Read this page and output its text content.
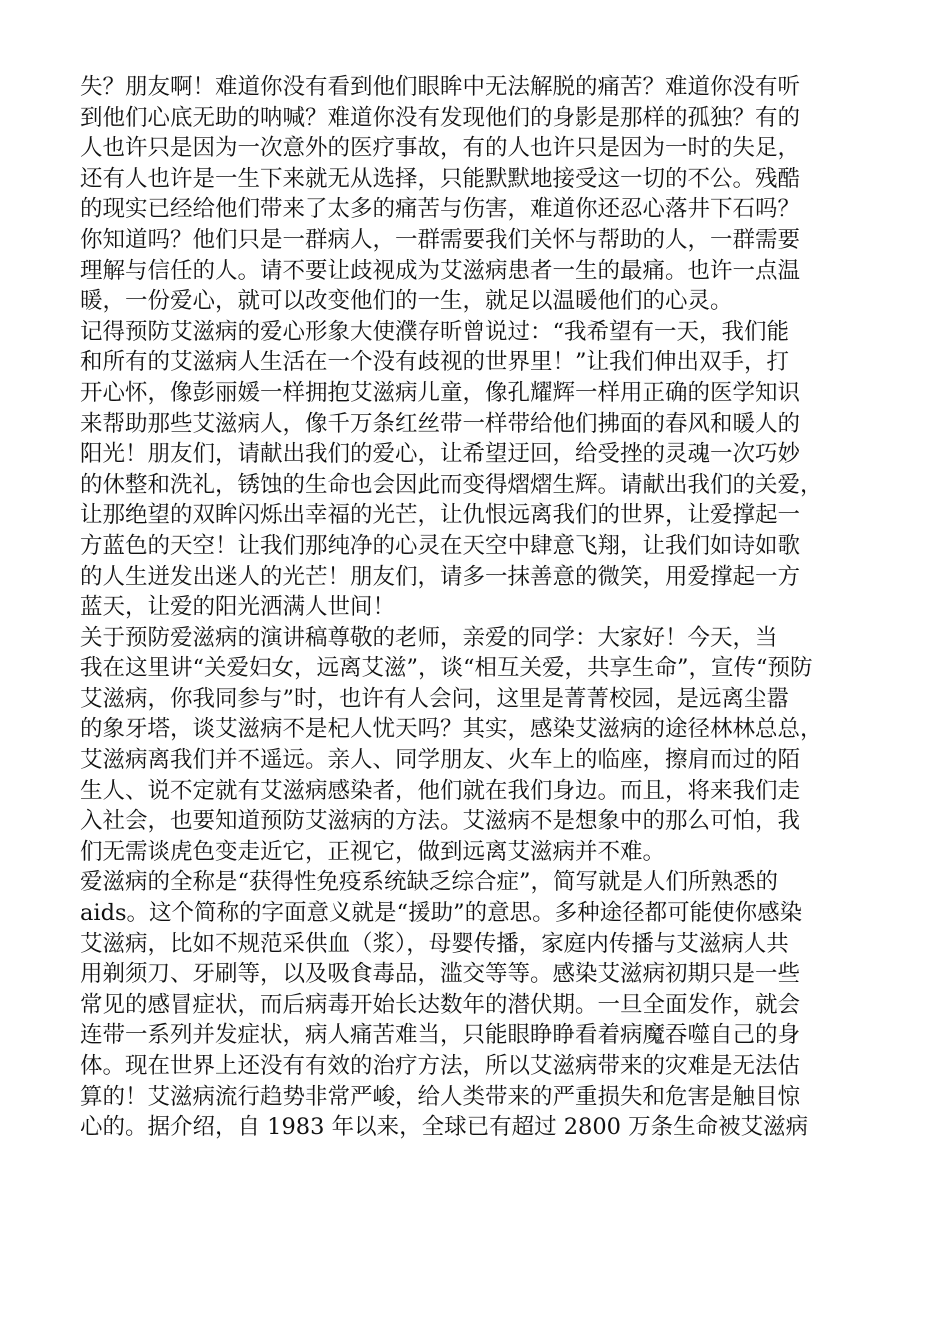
失？朋友啊！难道你没有看到他们眼眸中无法解脱的痛苦？难道你没有听
到他们心底无助的呐喊？难道你没有发现他们的身影是那样的孤独？有的
人也许只是因为一次意外的医疗事故，有的人也许只是因为一时的失足，
还有人也许是一生下来就无从选择，只能默默地接受这一切的不公。残酷
的现实已经给他们带来了太多的痛苦与伤害，难道你还忍心落井下石吗？
你知道吗？他们只是一群病人，一群需要我们关怀与帮助的人，一群需要
理解与信任的人。请不要让歧视成为艾滋病患者一生的最痛。也许一点温
暖，一份爱心，就可以改变他们的一生，就足以温暖他们的心灵。
记得预防艾滋病的爱心形象大使濮存昕曾说过：“我希望有一天，我们能
和所有的艾滋病人生活在一个没有歧视的世界里！”让我们伸出双手，打
开心怀，像彭丽媛一样拥抱艾滋病儿童，像孔耀辉一样用正确的医学知识
来帮助那些艾滋病人，像千万条红丝带一样带给他们拂面的春风和暖人的
阳光！朋友们，请献出我们的爱心，让希望迂回，给受挫的灵魂一次巧妙
的休整和洗礼，锈蚀的生命也会因此而变得熠熠生辉。请献出我们的关爱，
让那绝望的双眸闪烁出幸福的光芒，让仇恨远离我们的世界，让爱撑起一
方蓝色的天空！让我们那纯净的心灵在天空中肆意飞翔，让我们如诗如歌
的人生迸发出迷人的光芒！朋友们，请多一抹善意的微笑，用爱撑起一方
蓝天，让爱的阳光洒满人世间！
关于预防爱滋病的演讲稿尊敬的老师，亲爱的同学：大家好！今天，当
我在这里讲“关爱妇女，远离艾滋”，谈“相互关爱，共享生命”，宣传“预防
艾滋病，你我同参与”时，也许有人会问，这里是菁菁校园，是远离尘嚣
的象牙塔，谈艾滋病不是杞人忧天吗？其实，感染艾滋病的途径林林总总，
艾滋病离我们并不遥远。亲人、同学朋友、火车上的临座，擦肩而过的陌
生人、说不定就有艾滋病感染者，他们就在我们身边。而且，将来我们走
入社会，也要知道预防艾滋病的方法。艾滋病不是想象中的那么可怕，我
们无需谈虎色变走近它，正视它，做到远离艾滋病并不难。
爱滋病的全称是“获得性免疫系统缺乏综合症”，简写就是人们所熟悉的
aids。这个简称的字面意义就是“援助”的意思。多种途径都可能使你感染
艾滋病，比如不规范采供血（浆），母婴传播，家庭内传播与艾滋病人共
用剃须刀、牙刷等，以及吸食毒品，滥交等等。感染艾滋病初期只是一些
常见的感冒症状，而后病毒开始长达数年的潜伏期。一旦全面发作，就会
连带一系列并发症状，病人痛苦难当，只能眼睁睁看着病魔吞噬自己的身
体。现在世界上还没有有效的治疗方法，所以艾滋病带来的灾难是无法估
算的！艾滋病流行趋势非常严峻，给人类带来的严重损失和危害是触目惊
心的。据介绍，自 1983 年以来，全球已有超过 2800 万条生命被艾滋病
